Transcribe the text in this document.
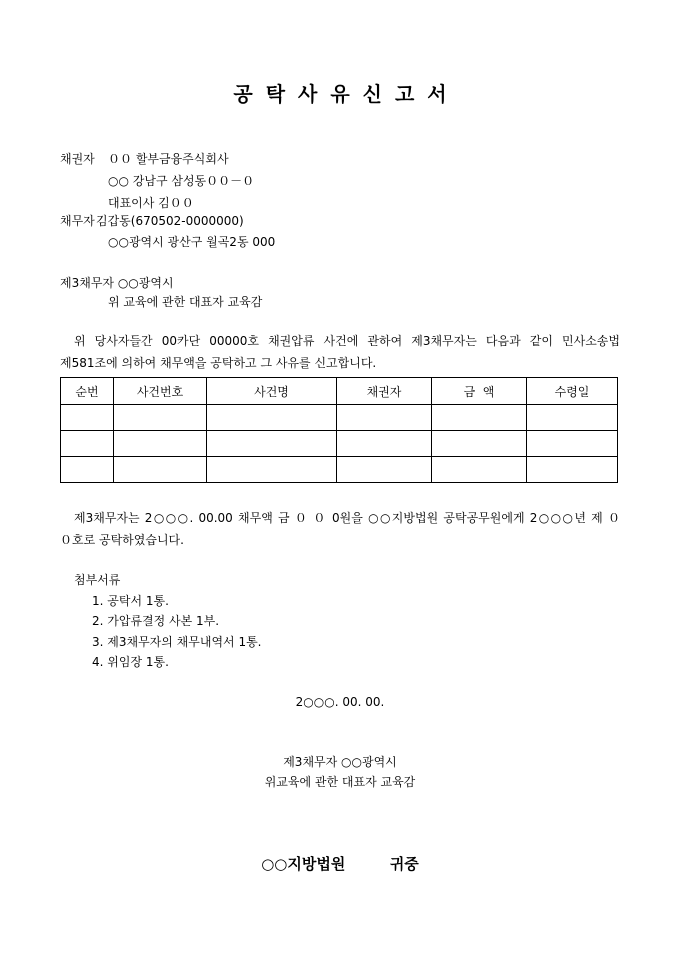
공탁사유신고서
채권자 ００ 할부금융주식회사
○○ 강남구 삼성동００－０
대표이사 김００
채무자 김갑동(670502-0000000)
○○광역시 광산구 월곡2동 000
제3채무자 ○○광역시
위 교육에 관한 대표자 교육감
위 당사자들간 00카단 00000호 채권압류 사건에 관하여 제3채무자는 다음과 같이 민사소송법 제581조에 의하여 채무액을 공탁하고 그 사유를 신고합니다.
순번	사건번호	사건명	채권자	금  액	수령일

제3채무자는 2○○○. 00.00 채무액 금 ０ ０ 0원을 ○○지방법원 공탁공무원에게 2○○○년 제 ０ ０호로 공탁하였습니다.
첨부서류
1. 공탁서 1통.
2. 가압류결정 사본 1부.
3. 제3채무자의 채무내역서 1통.
4. 위임장 1통.
2○○○. 00. 00.
제3채무자 ○○광역시
위교육에 관한 대표자 교육감
○○지방법원	귀중
